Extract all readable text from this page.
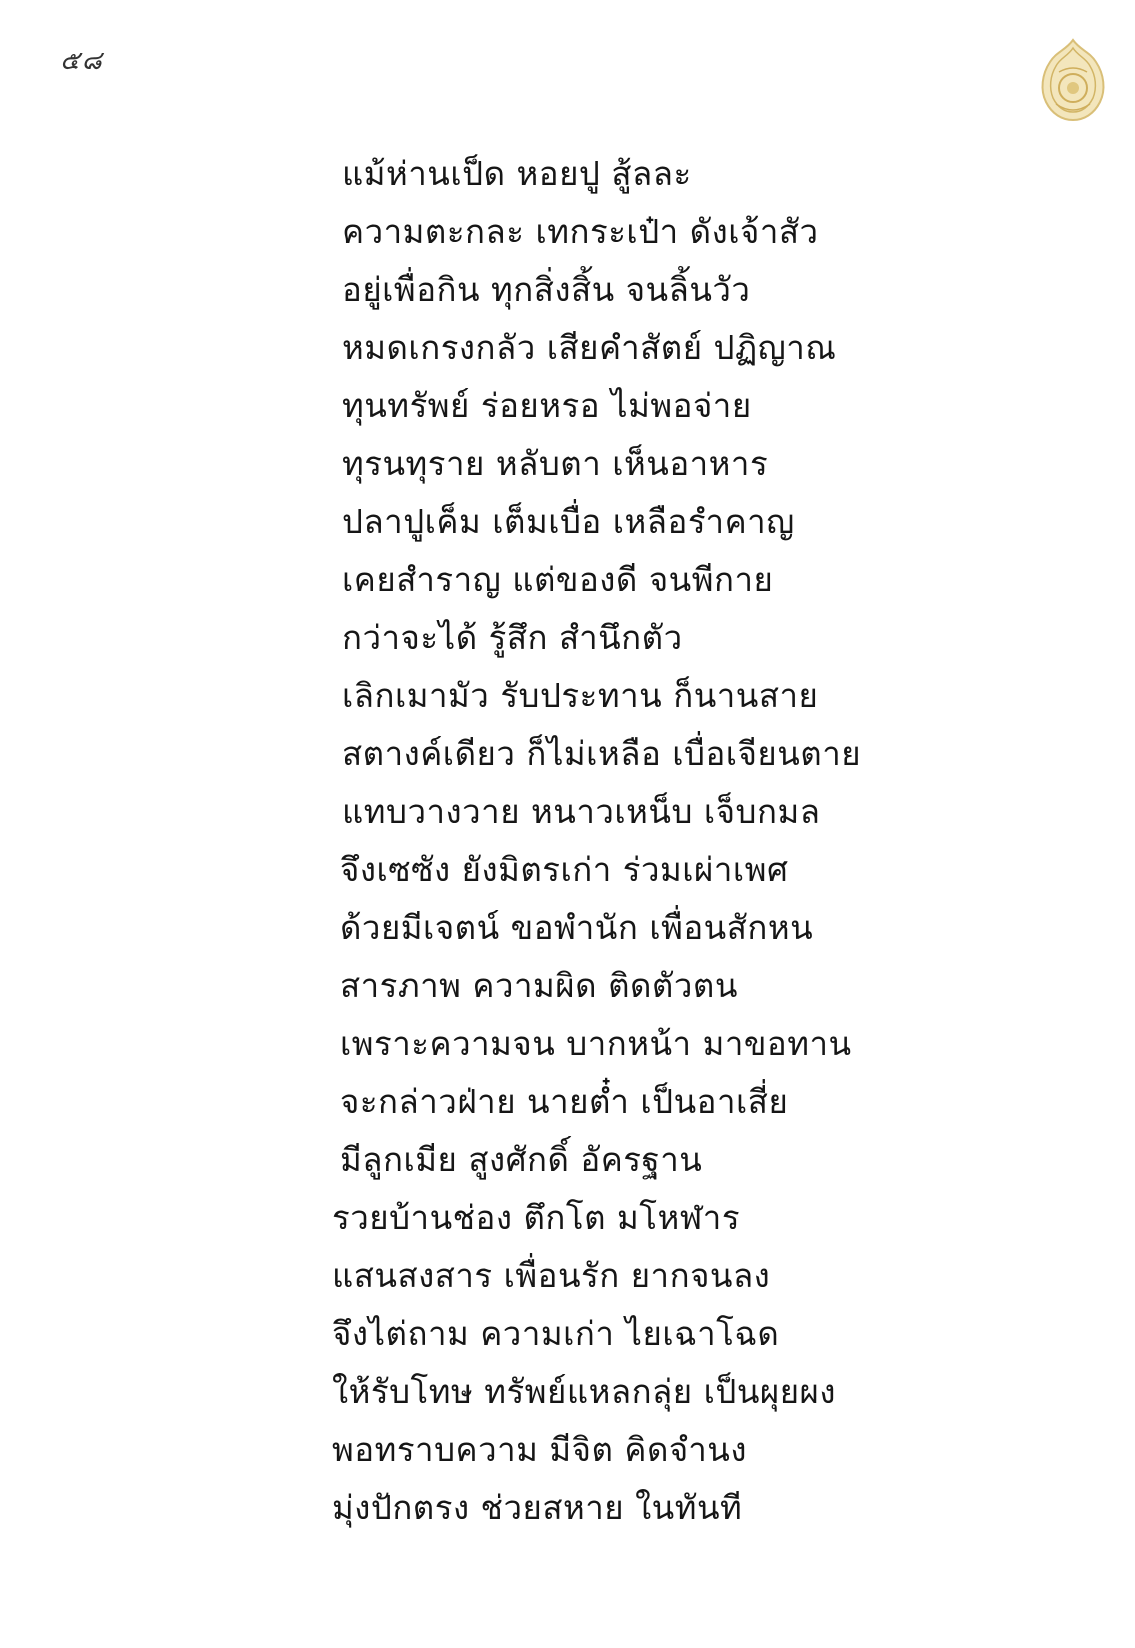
๕๘
แม้ห่านเป็ด หอยปู สู้ลละ
ความตะกละ เทกระเป๋า ดังเจ้าสัว
อยู่เพื่อกิน ทุกสิ่งสิ้น จนลิ้นวัว
หมดเกรงกลัว เสียคำสัตย์ ปฏิญาณ
ทุนทรัพย์ ร่อยหรอ ไม่พอจ่าย
ทุรนทุราย หลับตา เห็นอาหาร
ปลาปูเค็ม เต็มเบื่อ เหลือรำคาญ
เคยสำราญ แต่ของดี จนพีกาย
กว่าจะได้ รู้สึก สำนึกตัว
เลิกเมามัว รับประทาน ก็นานสาย
สตางค์เดียว ก็ไม่เหลือ เบื่อเจียนตาย
แทบวางวาย หนาวเหน็บ เจ็บกมล
จึงเซซัง ยังมิตรเก่า ร่วมเผ่าเพศ
ด้วยมีเจตน์ ขอพำนัก เพื่อนสักหน
สารภาพ ความผิด ติดตัวตน
เพราะความจน บากหน้า มาขอทาน
จะกล่าวฝ่าย นายต๋ำ เป็นอาเสี่ย
มีลูกเมีย สูงศักดิ์ อัครฐาน
รวยบ้านช่อง ตึกโต มโหฬาร
แสนสงสาร เพื่อนรัก ยากจนลง
จึงไต่ถาม ความเก่า ไยเฉาโฉด
ให้รับโทษ ทรัพย์แหลกลุ่ย เป็นผุยผง
พอทราบความ มีจิต คิดจำนง
มุ่งปักตรง ช่วยสหาย ในทันที
